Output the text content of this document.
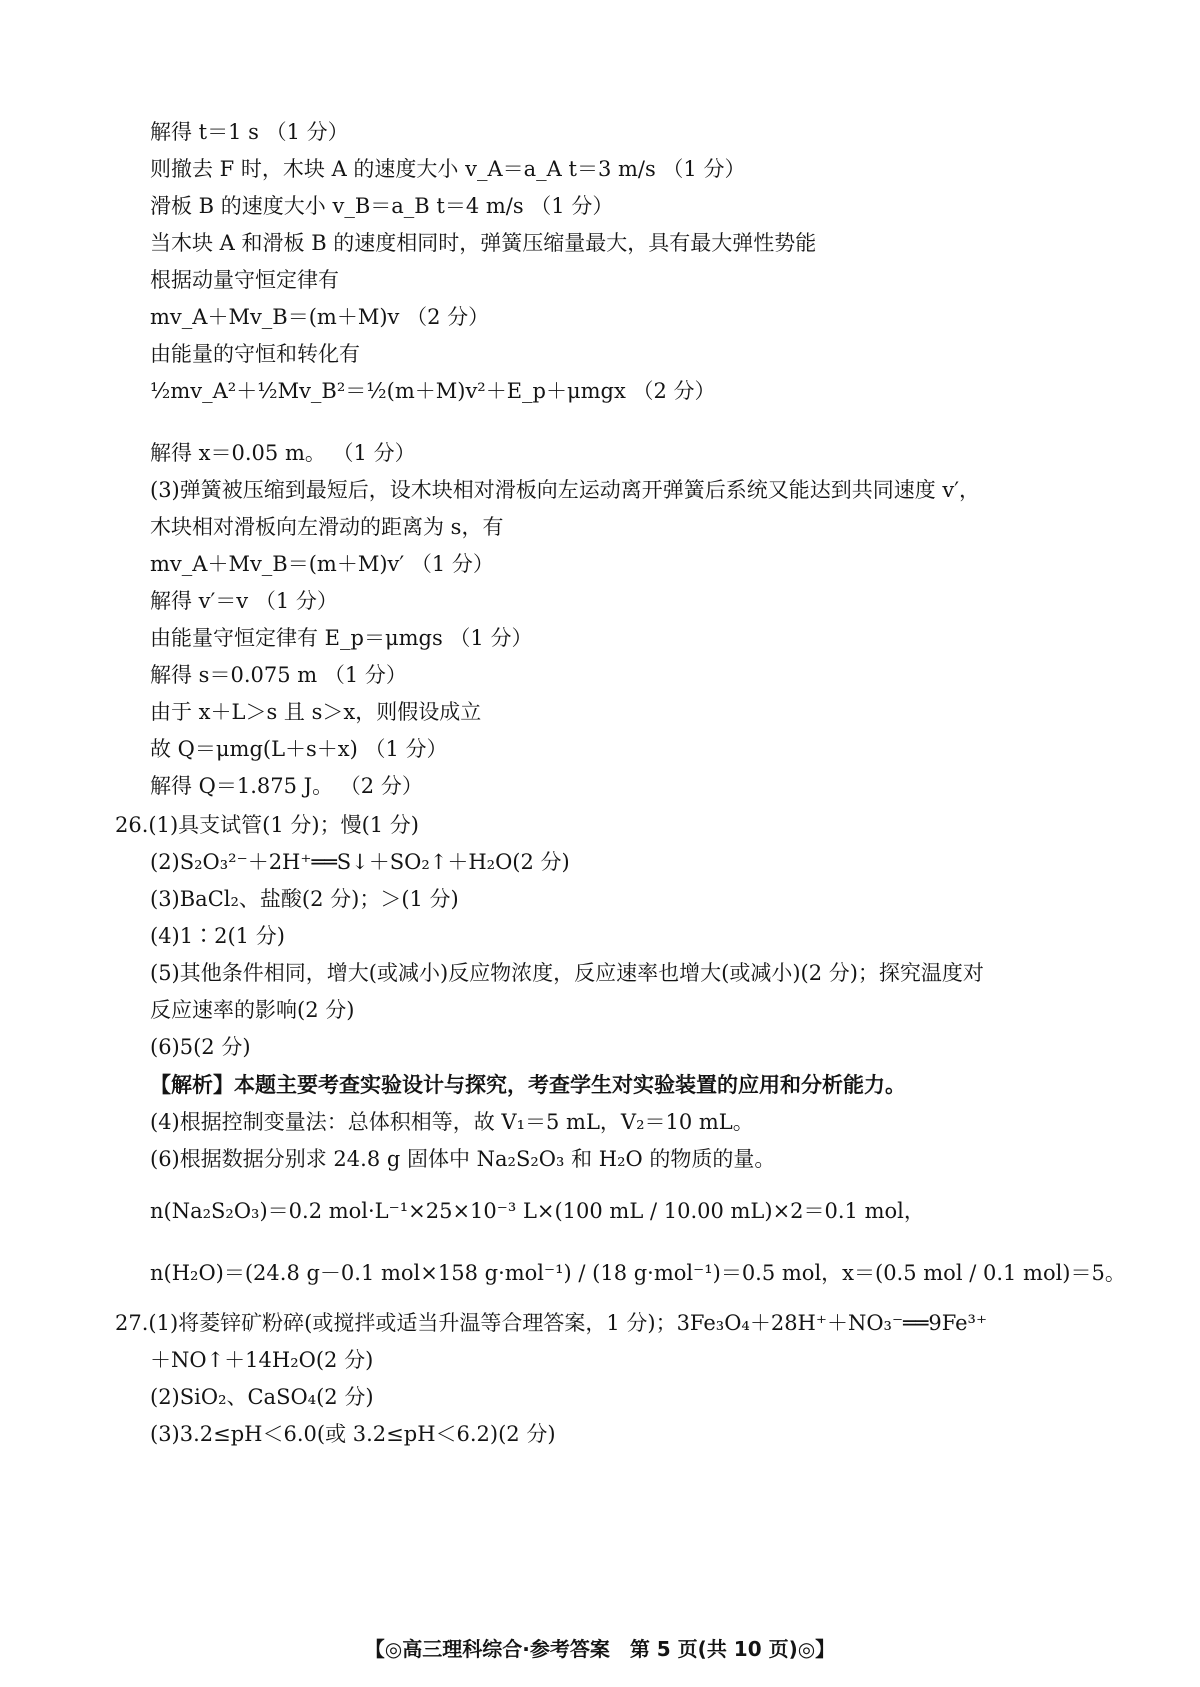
解得 t＝1 s （1 分）
则撤去 F 时，木块 A 的速度大小 v_A＝a_A t＝3 m/s （1 分）
滑板 B 的速度大小 v_B＝a_B t＝4 m/s （1 分）
当木块 A 和滑板 B 的速度相同时，弹簧压缩量最大，具有最大弹性势能
根据动量守恒定律有
mv_A＋Mv_B＝(m＋M)v （2 分）
由能量的守恒和转化有
½mv_A²＋½Mv_B²＝½(m＋M)v²＋E_p＋μmgx （2 分）
解得 x＝0.05 m。 （1 分）
(3)弹簧被压缩到最短后，设木块相对滑板向左运动离开弹簧后系统又能达到共同速度 v′，
木块相对滑板向左滑动的距离为 s，有
mv_A＋Mv_B＝(m＋M)v′ （1 分）
解得 v′＝v （1 分）
由能量守恒定律有 E_p＝μmgs （1 分）
解得 s＝0.075 m （1 分）
由于 x＋L＞s 且 s＞x，则假设成立
故 Q＝μmg(L＋s＋x) （1 分）
解得 Q＝1.875 J。 （2 分）
26.(1)具支试管(1 分)；慢(1 分)
(2)S₂O₃²⁻＋2H⁺══S↓＋SO₂↑＋H₂O(2 分)
(3)BaCl₂、盐酸(2 分)；＞(1 分)
(4)1∶2(1 分)
(5)其他条件相同，增大(或减小)反应物浓度，反应速率也增大(或减小)(2 分)；探究温度对
反应速率的影响(2 分)
(6)5(2 分)
【解析】本题主要考查实验设计与探究，考查学生对实验装置的应用和分析能力。
(4)根据控制变量法：总体积相等，故 V₁＝5 mL，V₂＝10 mL。
(6)根据数据分别求 24.8 g 固体中 Na₂S₂O₃ 和 H₂O 的物质的量。
n(Na₂S₂O₃)＝0.2 mol·L⁻¹×25×10⁻³ L×(100 mL / 10.00 mL)×2＝0.1 mol，
n(H₂O)＝(24.8 g－0.1 mol×158 g·mol⁻¹) / (18 g·mol⁻¹)＝0.5 mol，x＝(0.5 mol / 0.1 mol)＝5。
27.(1)将菱锌矿粉碎(或搅拌或适当升温等合理答案，1 分)；3Fe₃O₄＋28H⁺＋NO₃⁻══9Fe³⁺
＋NO↑＋14H₂O(2 分)
(2)SiO₂、CaSO₄(2 分)
(3)3.2≤pH＜6.0(或 3.2≤pH＜6.2)(2 分)
【◎高三理科综合·参考答案　第 5 页(共 10 页)◎】
